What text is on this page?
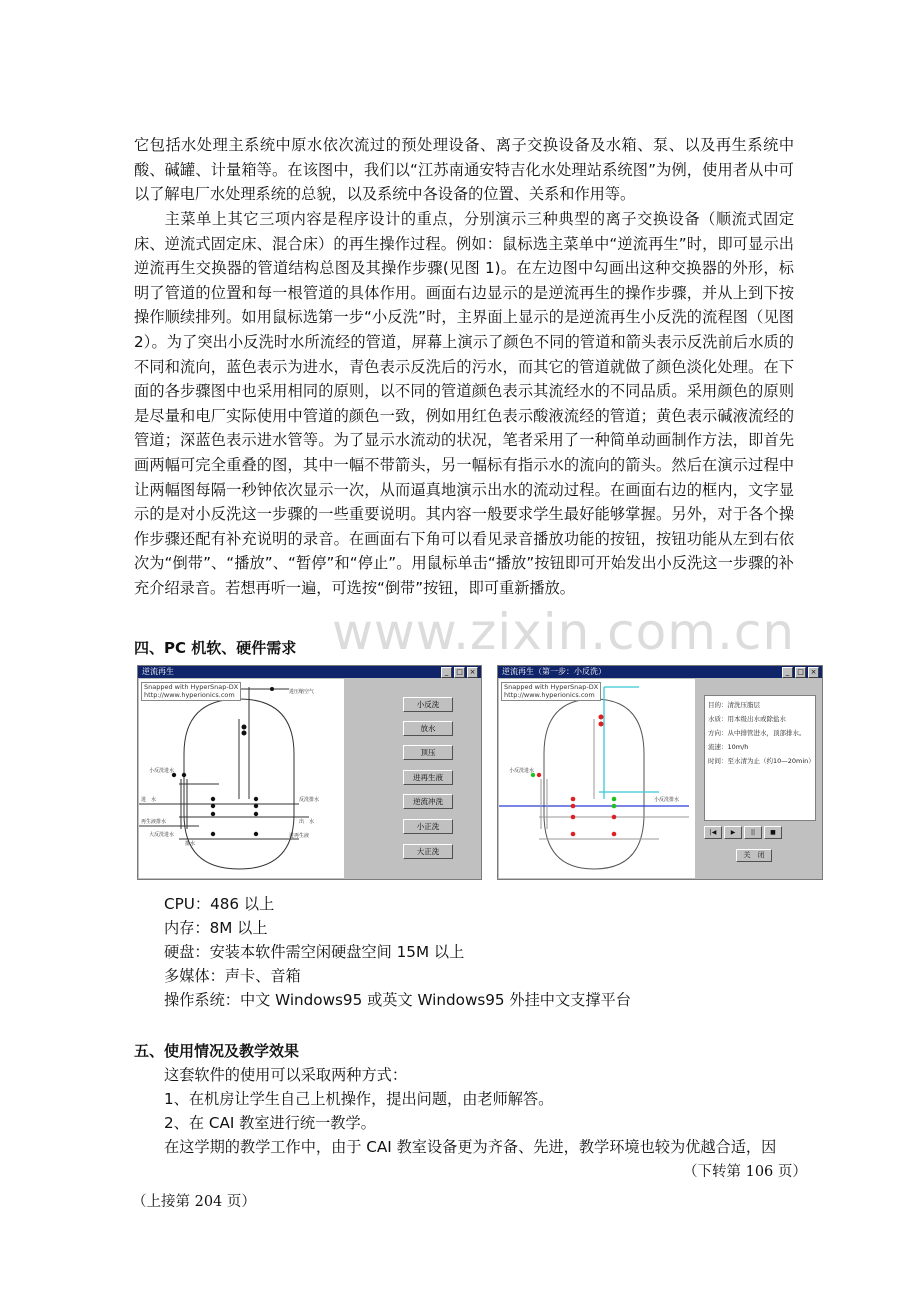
它包括水处理主系统中原水依次流过的预处理设备、离子交换设备及水箱、泵、以及再生系统中酸、碱罐、计量箱等。在该图中，我们以“江苏南通安特吉化水处理站系统图”为例，使用者从中可以了解电厂水处理系统的总貌，以及系统中各设备的位置、关系和作用等。
主菜单上其它三项内容是程序设计的重点，分别演示三种典型的离子交换设备（顺流式固定床、逆流式固定床、混合床）的再生操作过程。例如：鼠标选主菜单中“逆流再生”时，即可显示出逆流再生交换器的管道结构总图及其操作步骤(见图 1)。在左边图中勾画出这种交换器的外形，标明了管道的位置和每一根管道的具体作用。画面右边显示的是逆流再生的操作步骤，并从上到下按操作顺续排列。如用鼠标选第一步“小反洗”时，主界面上显示的是逆流再生小反洗的流程图（见图 2）。为了突出小反洗时水所流经的管道，屏幕上演示了颜色不同的管道和箭头表示反洗前后水质的不同和流向，蓝色表示为进水，青色表示反洗后的污水，而其它的管道就做了颜色淡化处理。在下面的各步骤图中也采用相同的原则，以不同的管道颜色表示其流经水的不同品质。采用颜色的原则是尽量和电厂实际使用中管道的颜色一致，例如用红色表示酸液流经的管道；黄色表示碱液流经的管道；深蓝色表示进水管等。为了显示水流动的状况，笔者采用了一种简单动画制作方法，即首先画两幅可完全重叠的图，其中一幅不带箭头，另一幅标有指示水的流向的箭头。然后在演示过程中让两幅图每隔一秒钟依次显示一次，从而逼真地演示出水的流动过程。在画面右边的框内，文字显示的是对小反洗这一步骤的一些重要说明。其内容一般要求学生最好能够掌握。另外，对于各个操作步骤还配有补充说明的录音。在画面右下角可以看见录音播放功能的按钮，按钮功能从左到右依次为“倒带”、“播放”、“暂停”和“停止”。用鼠标单击“播放”按钮即可开始发出小反洗这一步骤的补充介绍录音。若想再听一遍，可选按“倒带”按钮，即可重新播放。
www.zixin.com.cn
四、PC 机软、硬件需求
逆流再生	_	□ ×
进压缩空气
小反洗进水
进　水
再生液排水
大反洗进水
排水
反洗排水
出　水
进再生液
Snapped with HyperSnap-DX
http://www.hyperionics.com
小反洗
放水
顶压
进再生液
逆流冲洗
小正洗
大正洗
逆流再生（第一步：小反洗）	_	□ ×
小反洗进水
小反洗排水
Snapped with HyperSnap-DX
http://www.hyperionics.com
目的：清洗压脂层
水质：用本级出水或除盐水
方向：从中排管进水，顶部排水。
流速：10m/h
时间：至水清为止（约10—20min）
|◀	▶	||	■
关　闭
CPU：486 以上
内存：8M 以上
硬盘：安装本软件需空闲硬盘空间 15M 以上
多媒体：声卡、音箱
操作系统：中文 Windows95 或英文 Windows95 外挂中文支撑平台
五、使用情况及教学效果
这套软件的使用可以采取两种方式：
1、在机房让学生自己上机操作，提出问题，由老师解答。
2、在 CAI 教室进行统一教学。
在这学期的教学工作中，由于 CAI 教室设备更为齐备、先进，教学环境也较为优越合适，因
（下转第 106 页）
（上接第 204 页）
